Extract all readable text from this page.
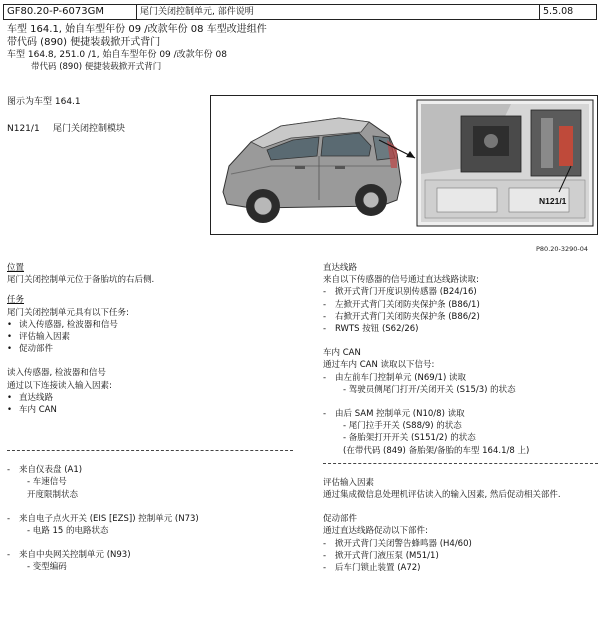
GF80.20-P-6073GM	尾门关闭控制单元, 部件说明	5.5.08
车型 164.1, 始自车型年份 09 /改款年份 08 车型改进组件
带代码 (890) 便捷装载掀开式背门
车型 164.8, 251.0 /1, 始自车型年份 09 /改款年份 08
带代码 (890) 便捷装载掀开式背门
图示为车型 164.1
N121/1 尾门关闭控制模块
N121/1
P80.20-3290-04
位置
尾门关闭控制单元位于备胎坑的右后侧.
任务
尾门关闭控制单元具有以下任务:
• 读入传感器, 检波器和信号
• 评估输入因素
• 促动部件
读入传感器, 检波器和信号
通过以下连接读入输入因素:
• 直达线路
• 车内 CAN
-	来自仪表盘 (A1)
- 车速信号
开度限制状态
-	来自电子点火开关 (EIS [EZS]) 控制单元 (N73)
- 电路 15 的电路状态
-	来自中央网关控制单元 (N93)
- 变型编码
直达线路
来自以下传感器的信号通过直达线路读取:
-	掀开式背门开度识别传感器 (B24/16)
-	左掀开式背门关闭防夹保护条 (B86/1)
-	右掀开式背门关闭防夹保护条 (B86/2)
-	RWTS 按钮 (S62/26)
车内 CAN
通过车内 CAN 读取以下信号:
-	由左前车门控制单元 (N69/1) 读取
- 驾驶员侧尾门打开/关闭开关 (S15/3) 的状态
-	由后 SAM 控制单元 (N10/8) 读取
- 尾门拉手开关 (S88/9) 的状态
- 备胎架打开开关 (S151/2) 的状态
(在带代码 (849) 备胎架/备胎的车型 164.1/8 上)
评估输入因素
通过集成微信息处理机评估读入的输入因素, 然后促动相关部件.
促动部件
通过直达线路促动以下部件:
-	掀开式背门关闭警告蜂鸣器 (H4/60)
-	掀开式背门液压泵 (M51/1)
-	后车门锁止装置 (A72)
